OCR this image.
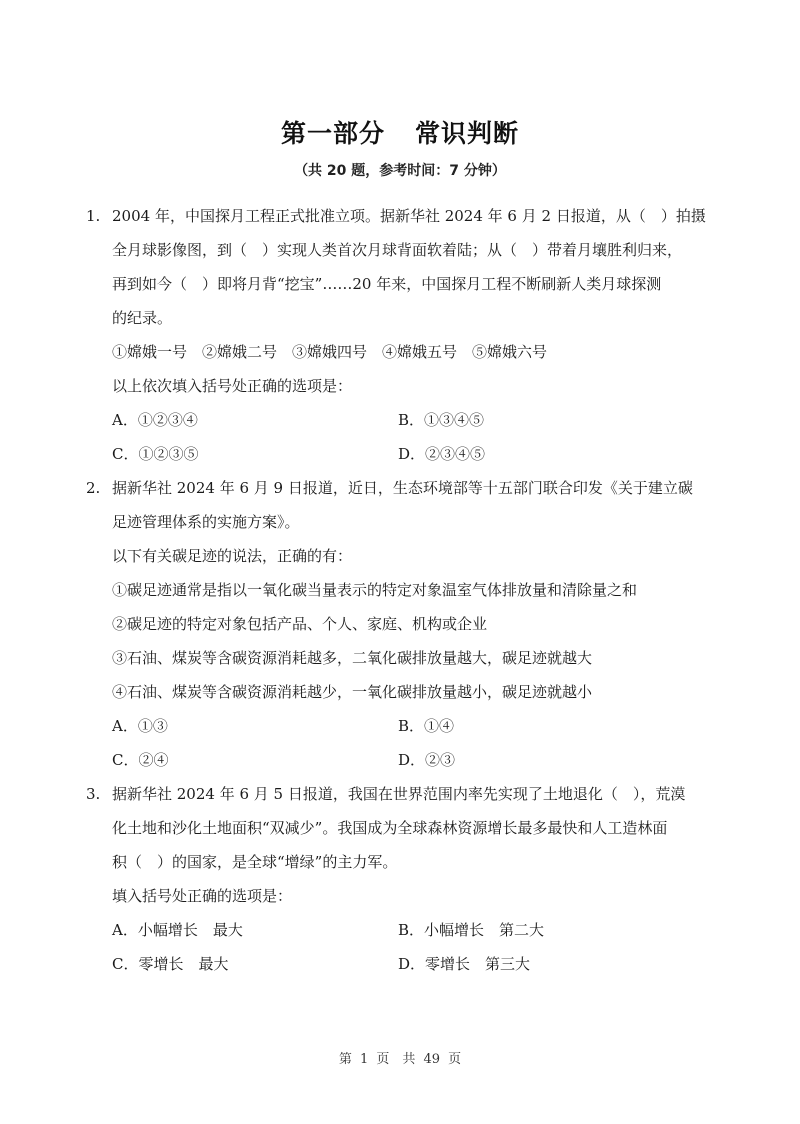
第一部分 常识判断
（共 20 题，参考时间：7 分钟）
1. 2004 年，中国探月工程正式批准立项。据新华社 2024 年 6 月 2 日报道，从（　）拍摄
全月球影像图，到（　）实现人类首次月球背面软着陆；从（　）带着月壤胜利归来，
再到如今（　）即将月背“挖宝”……20 年来，中国探月工程不断刷新人类月球探测
的纪录。
①嫦娥一号　②嫦娥二号　③嫦娥四号　④嫦娥五号　⑤嫦娥六号
以上依次填入括号处正确的选项是：
A．①②③④	B．①③④⑤
C．①②③⑤	D．②③④⑤
2. 据新华社 2024 年 6 月 9 日报道，近日，生态环境部等十五部门联合印发《关于建立碳
足迹管理体系的实施方案》。
以下有关碳足迹的说法，正确的有：
①碳足迹通常是指以一氧化碳当量表示的特定对象温室气体排放量和清除量之和
②碳足迹的特定对象包括产品、个人、家庭、机构或企业
③石油、煤炭等含碳资源消耗越多，二氧化碳排放量越大，碳足迹就越大
④石油、煤炭等含碳资源消耗越少，一氧化碳排放量越小，碳足迹就越小
A．①③	B．①④
C．②④	D．②③
3. 据新华社 2024 年 6 月 5 日报道，我国在世界范围内率先实现了土地退化（　），荒漠
化土地和沙化土地面积“双减少”。我国成为全球森林资源增长最多最快和人工造林面
积（　）的国家，是全球“增绿”的主力军。
填入括号处正确的选项是：
A．小幅增长　最大	B．小幅增长　第二大
C．零增长　最大	D．零增长　第三大
第 1 页　共 49 页
